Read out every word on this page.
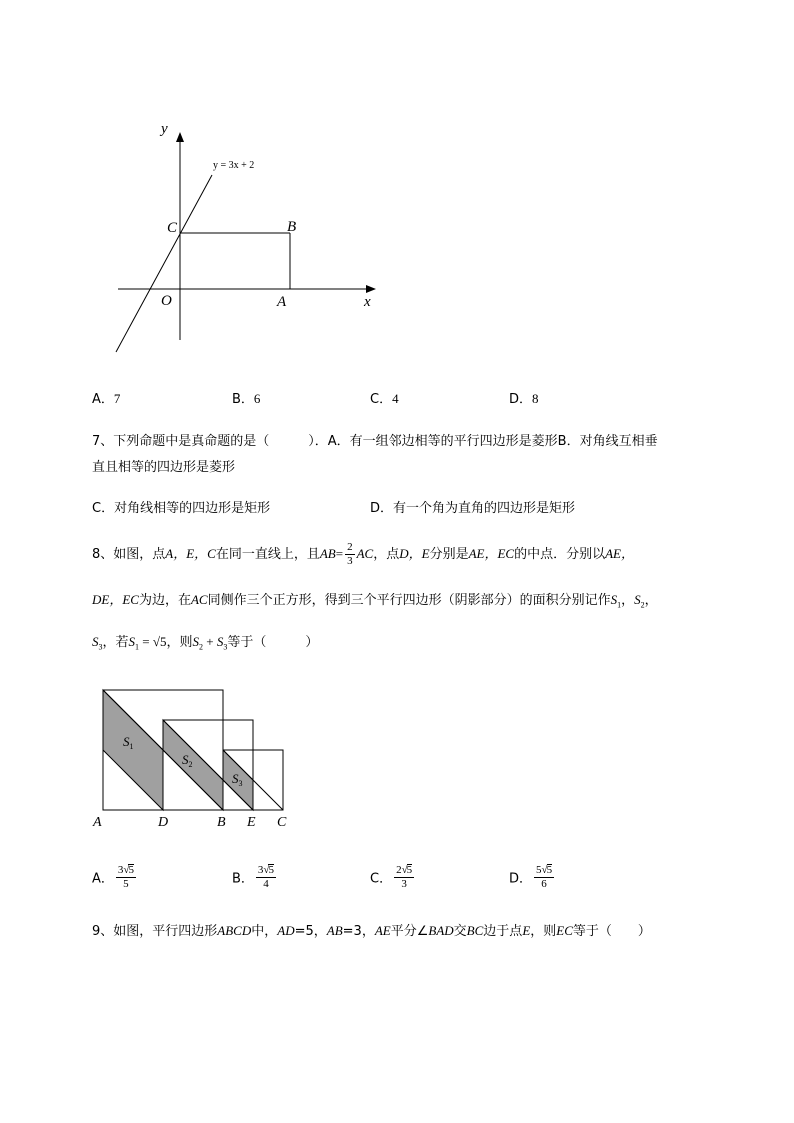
y
x
O	A
B
C
y = 3x + 2
A．7	B．6	C．4	D．8
7、下列命题中是真命题的是（　　　）．A．有一组邻边相等的平行四边形是菱形B．对角线互相垂
直且相等的四边形是菱形
C．对角线相等的四边形是矩形	D．有一个角为直角的四边形是矩形
8、如图，点A，E，C在同一直线上，且$AB= \frac{2}{3}$ AC，点D，E分别是AE，EC的中点．分别以AE，
DE，EC为边，在AC同侧作三个正方形，得到三个平行四边形（阴影部分）的面积分别记作$S_1$，$S_2$，
$S_3$，若$S_1 = √5$，则$S_2 + S_3$等于（　　　）
$S_1$
$S_2$
$S_3$
A	D	B E C
A． $\frac{3√5}{5}$	B． $\frac{3√5}{4}$	C． $\frac{2√5}{3}$	D． $\frac{5√5}{6}$
9、如图，平行四边形ABCD中，AD=5，AB=3，AE平分∠BAD交BC边于点E，则EC等于（　　）
